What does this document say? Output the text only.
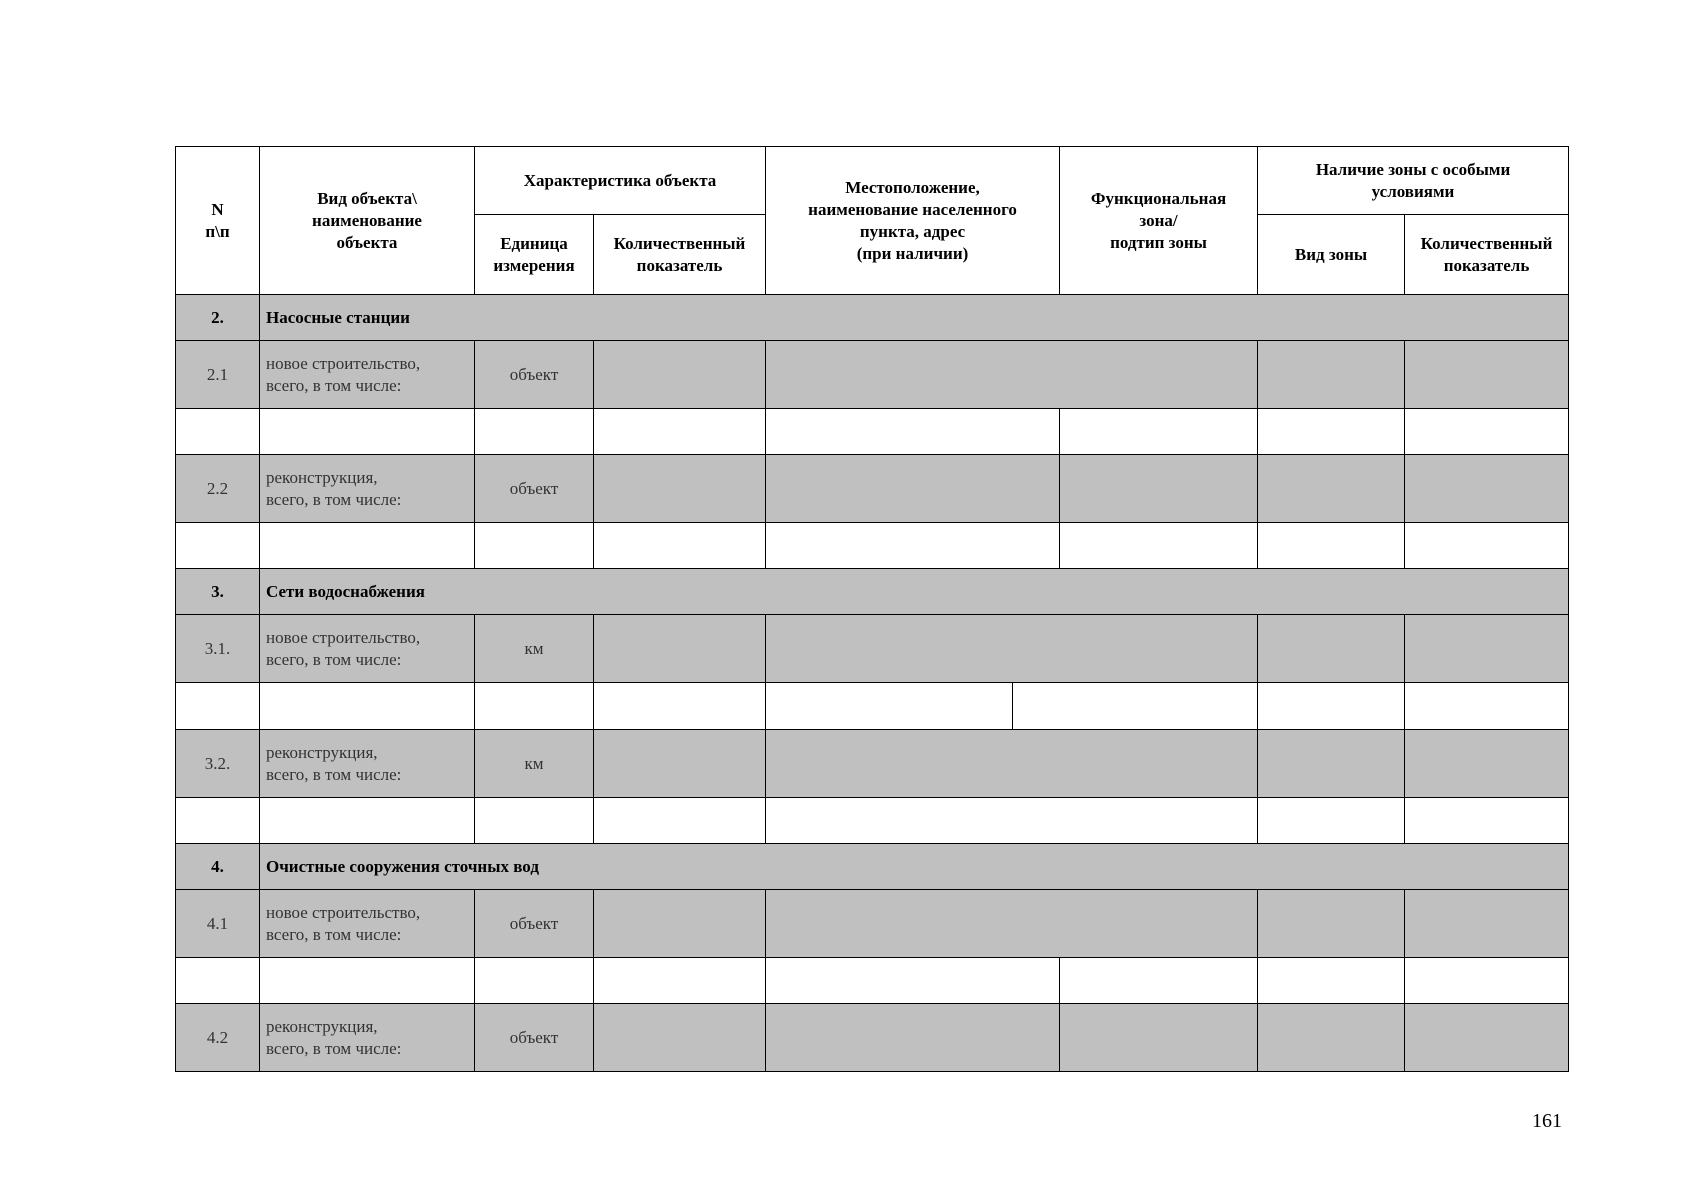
N
п\п	Вид объекта\
наименование
объекта	Характеристика объекта		Местоположение,
наименование населенного
пункта, адрес
(при наличии)	Функциональная
зона/
подтип зоны	Наличие зоны с особыми
условиями	
		Единица
измерения	Количественный
показатель			Вид зоны	Количественный
показатель
2.	Насосные станции						
2.1	новое строительство,
всего, в том числе:	объект					

2.2	реконструкция,
всего, в том числе:	объект					

3.	Сети водоснабжения						
3.1.	новое строительство,
всего, в том числе:	км					

3.2.	реконструкция,
всего, в том числе:	км					

4.	Очистные сооружения сточных вод						
4.1	новое строительство,
всего, в том числе:	объект					

4.2	реконструкция,
всего, в том числе:	объект					
161
